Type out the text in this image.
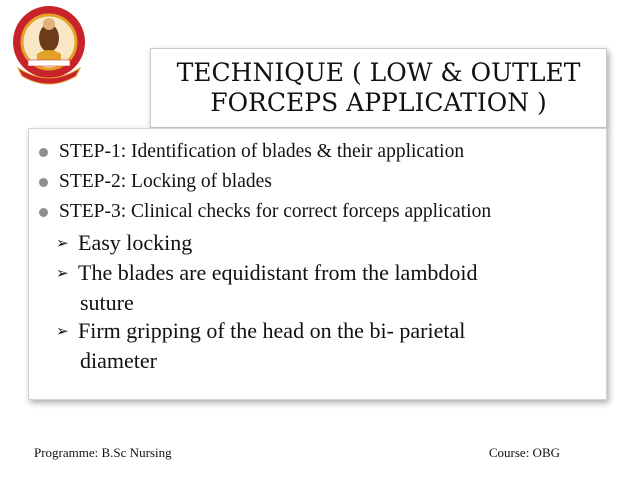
TECHNIQUE ( LOW & OUTLET
FORCEPS APPLICATION )
STEP-1: Identification of blades & their application
STEP-2: Locking of blades
STEP-3: Clinical checks for correct forceps application
➢ Easy locking
➢ The blades are equidistant from the lambdoid
suture
➢ Firm gripping of the head on the bi- parietal
diameter
Programme: B.Sc Nursing	Course: OBG
